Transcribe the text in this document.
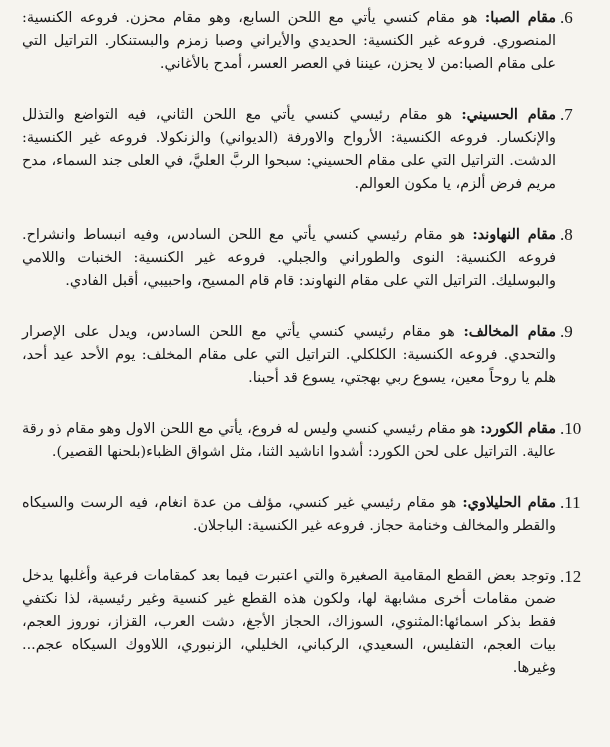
.6
مقام الصبا: هو مقام كنسي يأتي مع اللحن السابع، وهو مقام محزن. فروعه الكنسية: المنصوري. فروعه غير الكنسية: الحديدي والأيراني وصبا زمزم والبستنكار. التراتيل التي على مقام الصبا:من لا يحزن، عيننا في العصر العسر، أمدح بالأغاني.
.7
مقام الحسيني: هو مقام رئيسي كنسي يأتي مع اللحن الثاني، فيه التواضع والتذلل والإنكسار. فروعه الكنسية: الأرواح والاورفة (الديواني) والزنكولا. فروعه غير الكنسية: الدشت. التراتيل التي على مقام الحسيني: سبحوا الربَّ العليَّ، في العلى جند السماء، مدح مريم فرض ألزم، يا مكون العوالم.
.8
مقام النهاوند: هو مقام رئيسي كنسي يأتي مع اللحن السادس، وفيه انبساط وانشراح. فروعه الكنسية: النوى والطوراني والجبلي. فروعه غير الكنسية: الخنبات واللامي والبوسليك. التراتيل التي على مقام النهاوند: قام قام المسيح، واحبيبي، أقبل الفادي.
.9
مقام المخالف: هو مقام رئيسي كنسي يأتي مع اللحن السادس، ويدل على الإصرار والتحدي. فروعه الكنسية: الكلكلي. التراتيل التي على مقام المخلف: يوم الأحد عيد أحد، هلم يا روحاً معين، يسوع ربي بهجتي، يسوع قد أحبنا.
.10
مقام الكورد: هو مقام رئيسي كنسي وليس له فروع، يأتي مع اللحن الاول وهو مقام ذو رقة عالية. التراتيل على لحن الكورد: أشدوا اناشيد الثنا، مثل اشواق الظباء(بلحنها القصير).
.11
مقام الحليلاوي: هو مقام رئيسي غير كنسي، مؤلف من عدة انغام، فيه الرست والسيكاه والقطر والمخالف وخنامة حجاز. فروعه غير الكنسية: الباجلان.
.12
وتوجد بعض القطع المقامية الصغيرة والتي اعتبرت فيما بعد كمقامات فرعية وأغلبها يدخل ضمن مقامات أخرى مشابهة لها، ولكون هذه القطع غير كنسية وغير رئيسية، لذا نكتفي فقط بذكر اسمائها:المثنوي، السوزاك، الحجاز الأجغ، دشت العرب، القزاز، نوروز العجم، بيات العجم، التفليس، السعيدي، الركباني، الخليلي، الزنبوري، اللاووك السيكاه عجم... وغيرها.
